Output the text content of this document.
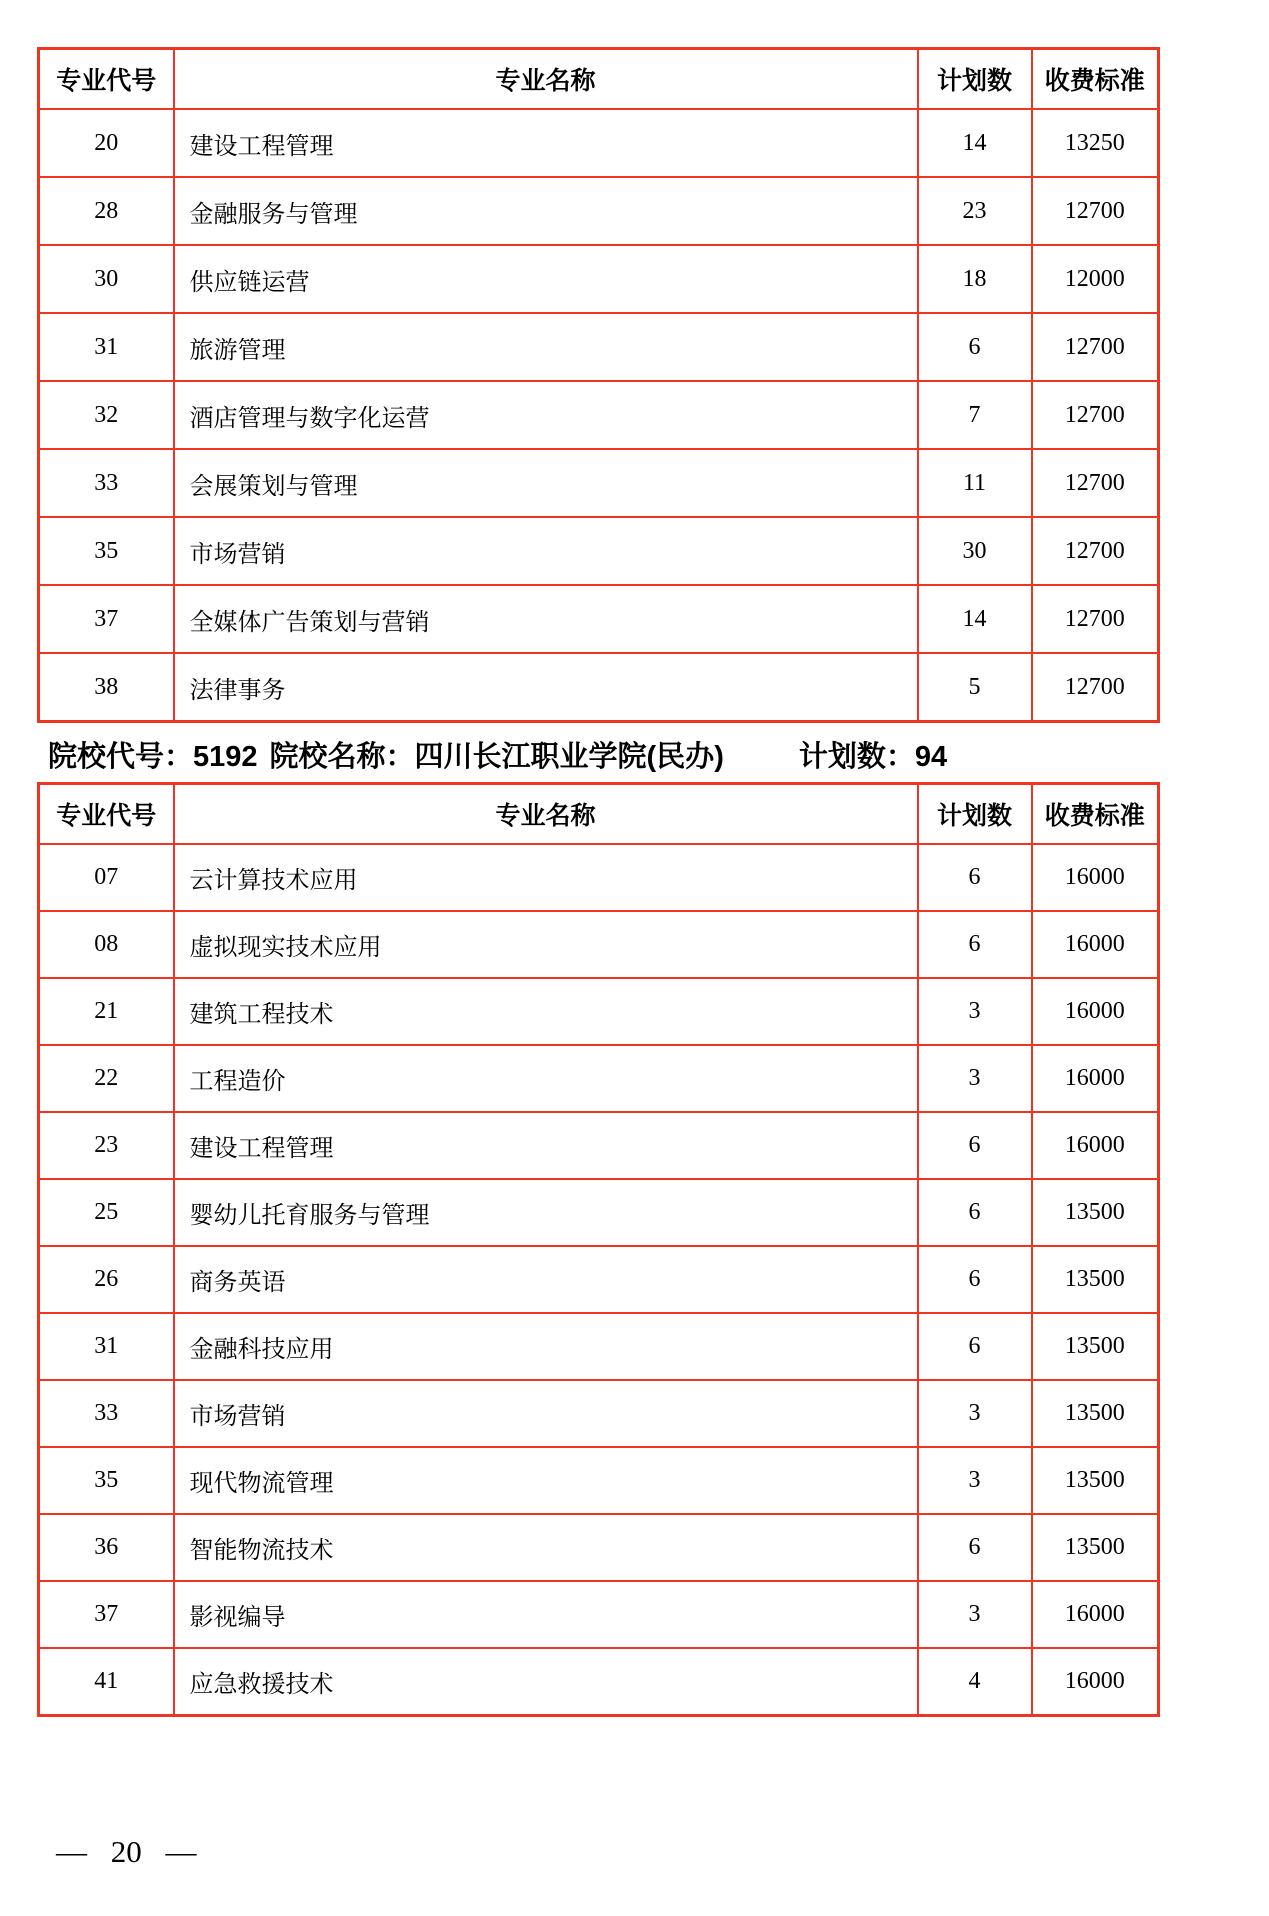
专业代号	专业名称	计划数	收费标准
20	建设工程管理	14	13250
28	金融服务与管理	23	12700
30	供应链运营	18	12000
31	旅游管理	6	12700
32	酒店管理与数字化运营	7	12700
33	会展策划与管理	11	12700
35	市场营销	30	12700
37	全媒体广告策划与营销	14	12700
38	法律事务	5	12700
院校代号：5192 院校名称：四川长江职业学院(民办)	计划数：94
专业代号	专业名称	计划数	收费标准
07	云计算技术应用	6	16000
08	虚拟现实技术应用	6	16000
21	建筑工程技术	3	16000
22	工程造价	3	16000
23	建设工程管理	6	16000
25	婴幼儿托育服务与管理	6	13500
26	商务英语	6	13500
31	金融科技应用	6	13500
33	市场营销	3	13500
35	现代物流管理	3	13500
36	智能物流技术	6	13500
37	影视编导	3	16000
41	应急救援技术	4	16000
— 20 —
